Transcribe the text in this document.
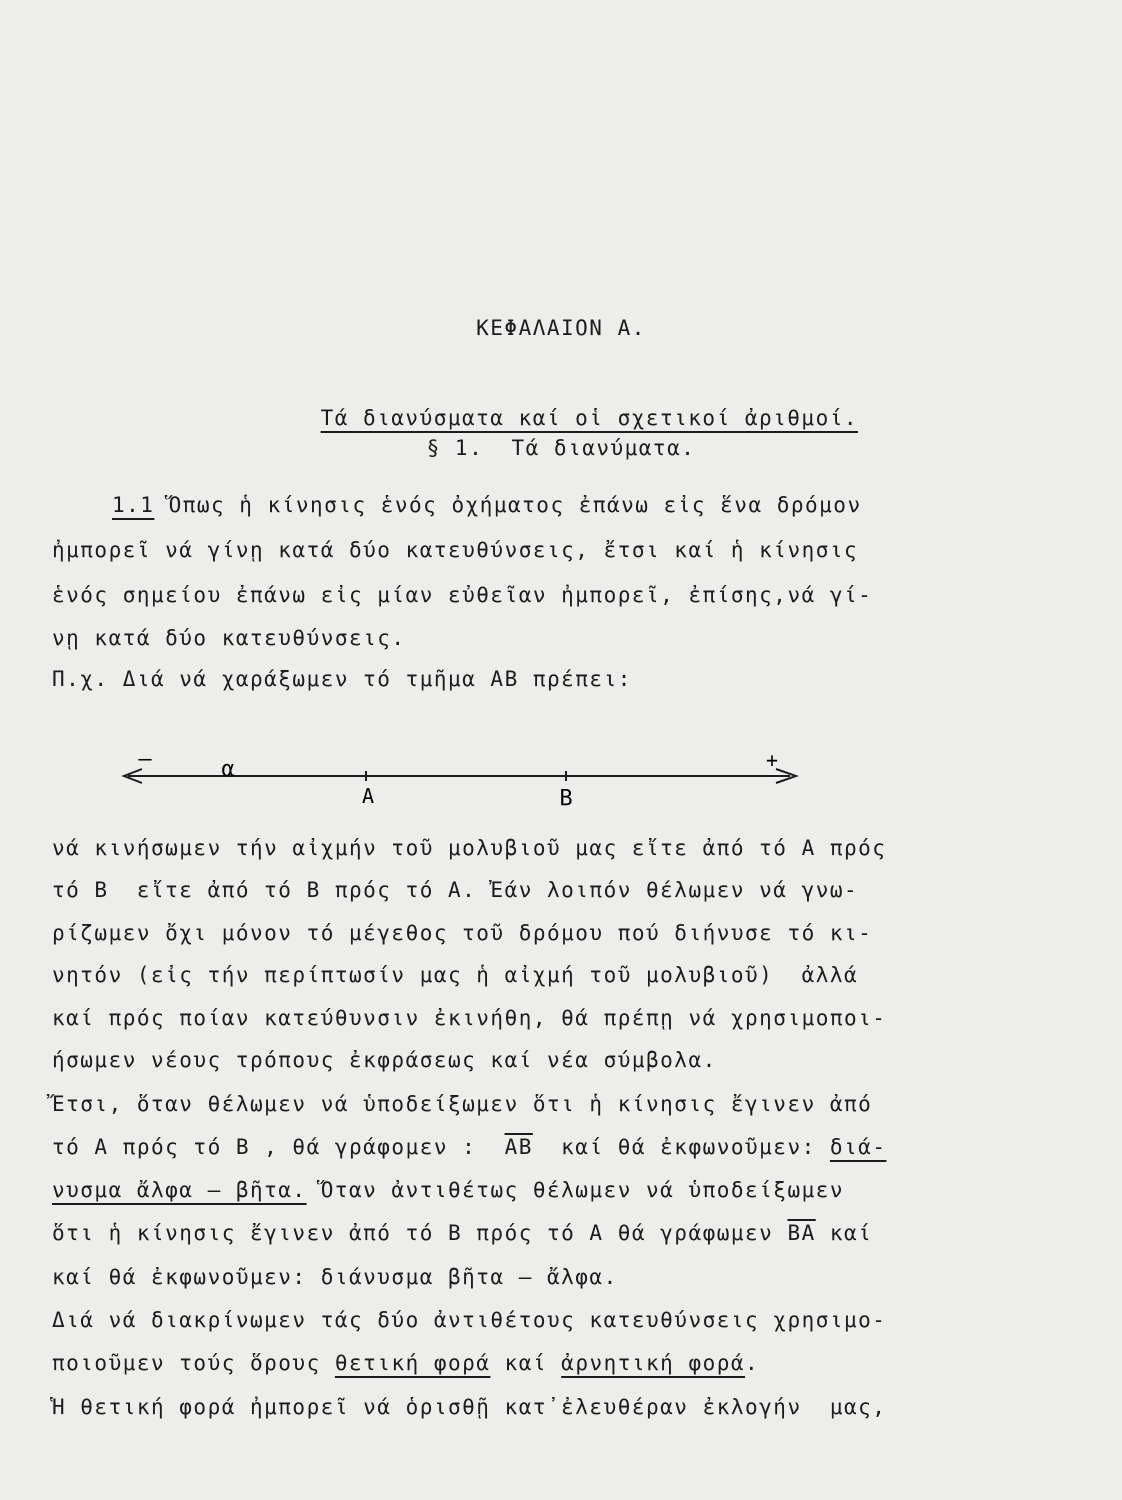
ΚΕΦΑΛΑΙΟΝ Α.

Τά διανύσματα καί οἱ σχετικοί ἀριθμοί.

§ 1.  Τά διανύματα.
1.1 Ὅπως ἡ κίνησις ἑνός ὀχήματος ἐπάνω εἰς ἕνα δρόμον
ἠμπορεῖ νά γίνῃ κατά δύο κατευθύνσεις, ἔτσι καί ἡ κίνησις
ἑνός σημείου ἐπάνω εἰς μίαν εὐθεῖαν ἠμπορεῖ, ἐπίσης,νά γί-
νῃ κατά δύο κατευθύνσεις.
Π.χ. Διά νά χαράξωμεν τό τμῆμα ΑΒ πρέπει:
–	α	+
Α	Β
νά κινήσωμεν τήν αἰχμήν τοῦ μολυβιοῦ μας εἴτε ἀπό τό Α πρός
τό Β  εἴτε ἀπό τό Β πρός τό Α. Ἐάν λοιπόν θέλωμεν νά γνω-
ρίζωμεν ὄχι μόνον τό μέγεθος τοῦ δρόμου πού διήνυσε τό κι-
νητόν (εἰς τήν περίπτωσίν μας ἡ αἰχμή τοῦ μολυβιοῦ)  ἀλλά
καί πρός ποίαν κατεύθυνσιν ἐκινήθη, θά πρέπῃ νά χρησιμοποι-
ήσωμεν νέους τρόπους ἐκφράσεως καί νέα σύμβολα.
Ἔτσι, ὅταν θέλωμεν νά ὑποδείξωμεν ὅτι ἡ κίνησις ἔγινεν ἀπό
τό Α πρός τό Β , θά γράφομεν :  $\overline{AB}$  καί θά ἐκφωνοῦμεν: διά-
νυσμα ἄλφα – βῆτα. Ὅταν ἀντιθέτως θέλωμεν νά ὑποδείξωμεν
ὅτι ἡ κίνησις ἔγινεν ἀπό τό Β πρός τό Α θά γράφωμεν $\overline{BA}$ καί
καί θά ἐκφωνοῦμεν: διάνυσμα βῆτα – ἄλφα.
Διά νά διακρίνωμεν τάς δύο ἀντιθέτους κατευθύνσεις χρησιμο-
ποιοῦμεν τούς ὅρους θετική φορά καί ἀρνητική φορά.
Ἡ θετική φορά ἠμπορεῖ νά ὁρισθῇ κατ᾽ἐλευθέραν ἐκλογήν  μας,
